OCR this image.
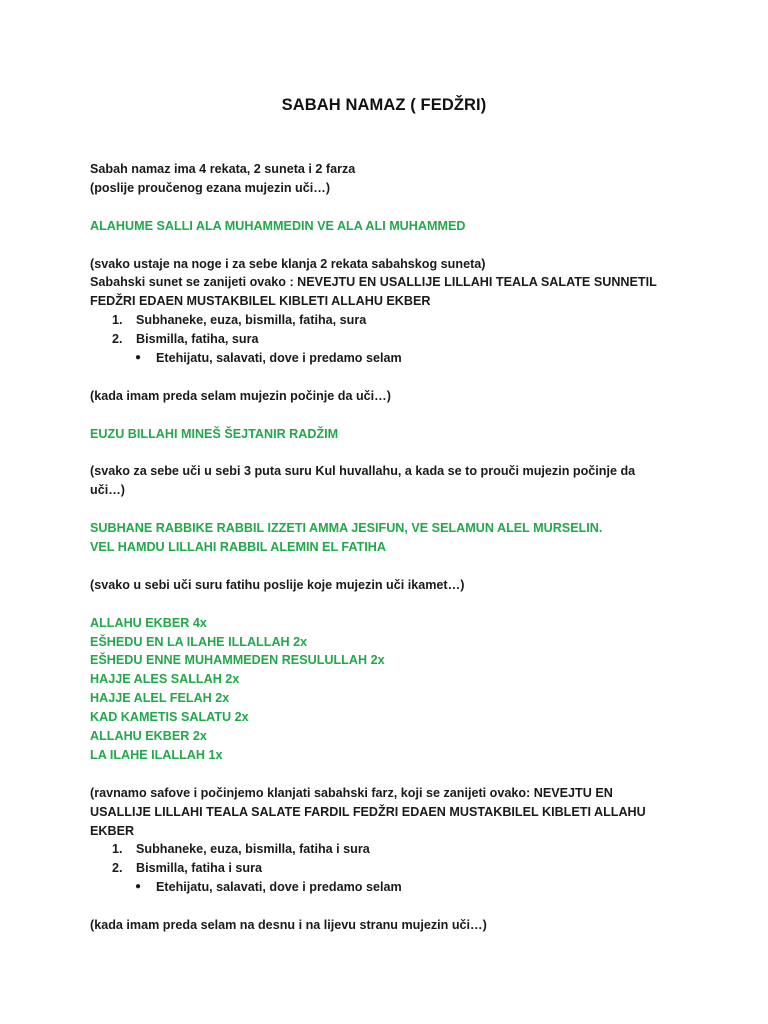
SABAH NAMAZ ( FEDŽRI)

Sabah namaz ima 4 rekata, 2 suneta i 2 farza

(poslije proučenog ezana mujezin uči…)

ALAHUME SALLI ALA MUHAMMEDIN VE ALA ALI MUHAMMED

(svako ustaje na noge i za sebe klanja 2 rekata sabahskog suneta)

Sabahski sunet se zanijeti ovako : NEVEJTU EN USALLIJE LILLAHI TEALA SALATE SUNNETIL

FEDŽRI EDAEN MUSTAKBILEL KIBLETI ALLAHU EKBER

Subhaneke, euza, bismilla, fatiha, sura
Bismilla, fatiha, sura
● Etehijatu, salavati, dove i predamo selam

(kada imam preda selam mujezin počinje da uči…)

EUZU BILLAHI MINEŠ ŠEJTANIR RADŽIM

(svako za sebe uči u sebi 3 puta suru Kul huvallahu, a kada se to prouči mujezin počinje da

uči…)

SUBHANE RABBIKE RABBIL IZZETI AMMA JESIFUN, VE SELAMUN ALEL MURSELIN.

VEL HAMDU LILLAHI RABBIL ALEMIN EL FATIHA

(svako u sebi uči suru fatihu poslije koje mujezin uči ikamet…)

ALLAHU EKBER 4x

EŠHEDU EN LA ILAHE ILLALLAH 2x

EŠHEDU ENNE MUHAMMEDEN RESULULLAH 2x

HAJJE ALES SALLAH 2x

HAJJE ALEL FELAH 2x

KAD KAMETIS SALATU 2x

ALLAHU EKBER 2x

LA ILAHE ILALLAH 1x

(ravnamo safove i počinjemo klanjati sabahski farz, koji se zanijeti ovako: NEVEJTU EN

USALLIJE LILLAHI TEALA SALATE FARDIL FEDŽRI EDAEN MUSTAKBILEL KIBLETI ALLAHU EKBER

Subhaneke, euza, bismilla, fatiha i sura
Bismilla, fatiha i sura
● Etehijatu, salavati, dove i predamo selam

(kada imam preda selam na desnu i na lijevu stranu mujezin uči…)
